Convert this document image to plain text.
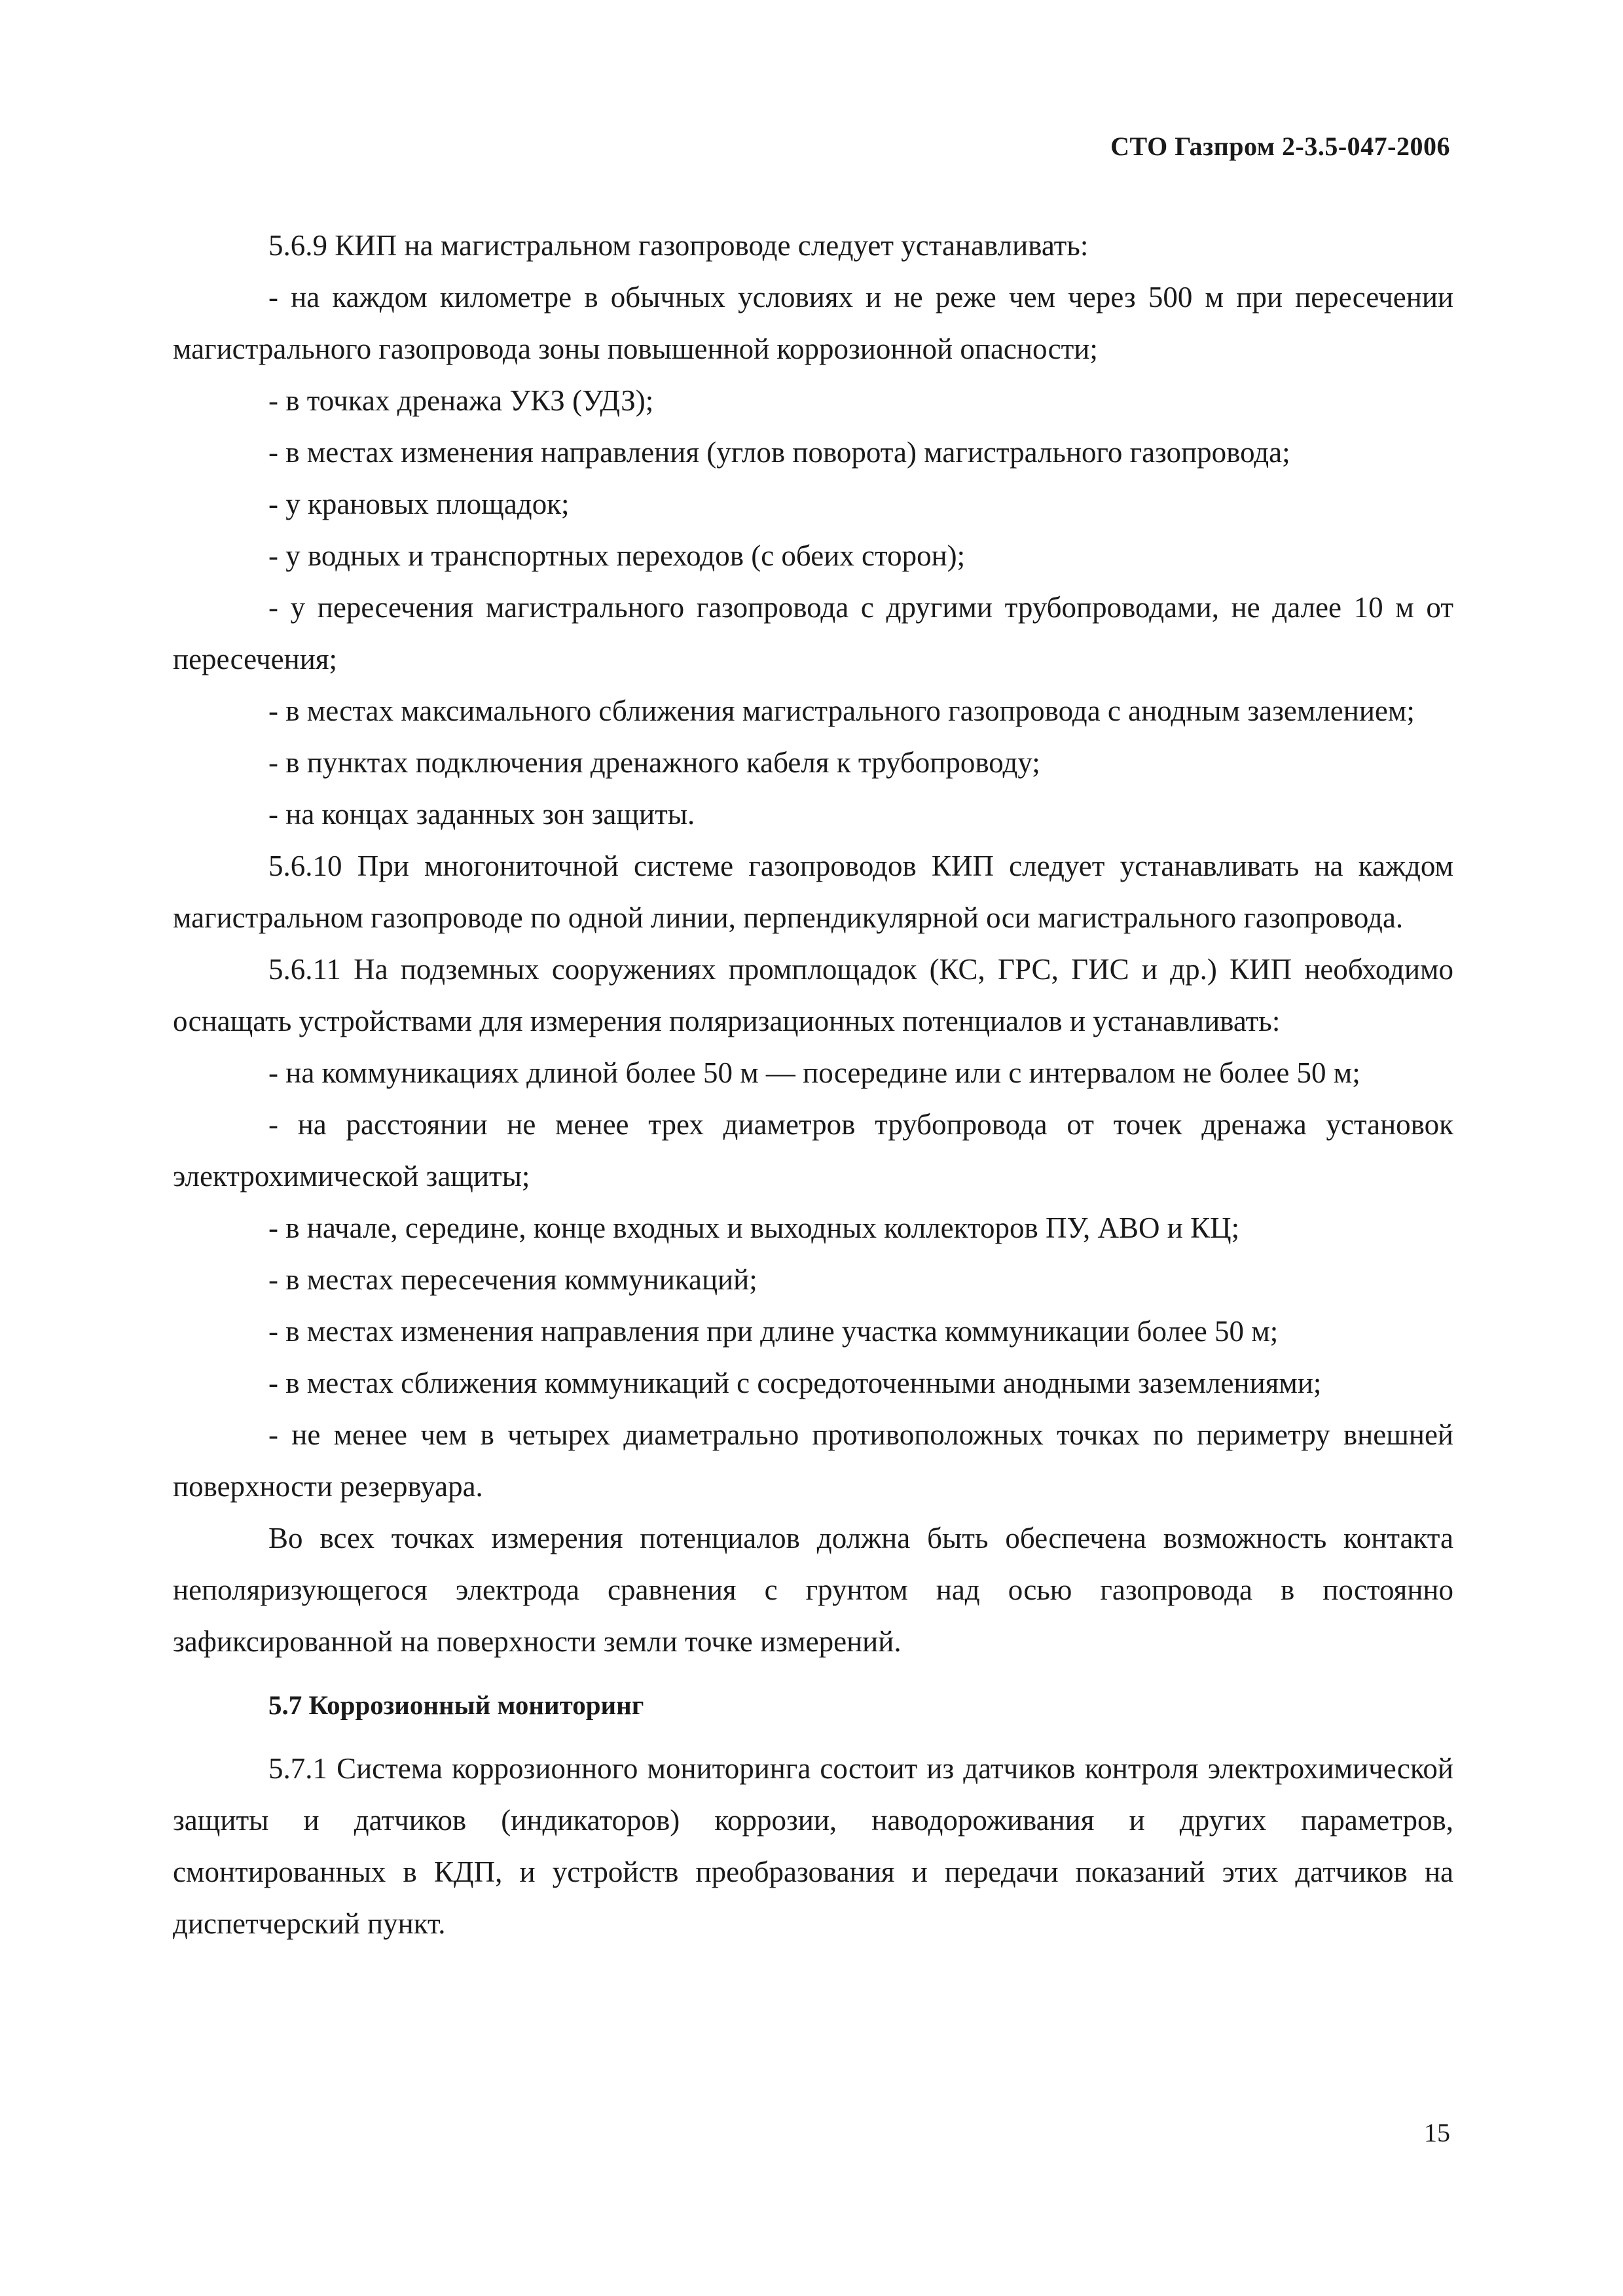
СТО Газпром 2-3.5-047-2006

5.6.9 КИП на магистральном газопроводе следует устанавливать:

- на каждом километре в обычных условиях и не реже чем через 500 м при пересечении магистрального газопровода зоны повышенной коррозионной опасности;

- в точках дренажа УКЗ (УДЗ);

- в местах изменения направления (углов поворота) магистрального газопровода;

- у крановых площадок;

- у водных и транспортных переходов (с обеих сторон);

- у пересечения магистрального газопровода с другими трубопроводами, не далее 10 м от пересечения;

- в местах максимального сближения магистрального газопровода с анодным заземлением;

- в пунктах подключения дренажного кабеля к трубопроводу;

- на концах заданных зон защиты.

5.6.10 При многониточной системе газопроводов КИП следует устанавливать на каждом магистральном газопроводе по одной линии, перпендикулярной оси магистрального газопровода.

5.6.11 На подземных сооружениях промплощадок (КС, ГРС, ГИС и др.) КИП необходимо оснащать устройствами для измерения поляризационных потенциалов и устанавливать:

- на коммуникациях длиной более 50 м — посередине или с интервалом не более 50 м;

- на расстоянии не менее трех диаметров трубопровода от точек дренажа установок электрохимической защиты;

- в начале, середине, конце входных и выходных коллекторов ПУ, АВО и КЦ;

- в местах пересечения коммуникаций;

- в местах изменения направления при длине участка коммуникации более 50 м;

- в местах сближения коммуникаций с сосредоточенными анодными заземлениями;

- не менее чем в четырех диаметрально противоположных точках по периметру внешней поверхности резервуара.

Во всех точках измерения потенциалов должна быть обеспечена возможность контакта неполяризующегося электрода сравнения с грунтом над осью газопровода в постоянно зафиксированной на поверхности земли точке измерений.

5.7 Коррозионный мониторинг

5.7.1 Система коррозионного мониторинга состоит из датчиков контроля электрохимической защиты и датчиков (индикаторов) коррозии, наводороживания и других параметров, смонтированных в КДП, и устройств преобразования и передачи показаний этих датчиков на диспетчерский пункт.

15
